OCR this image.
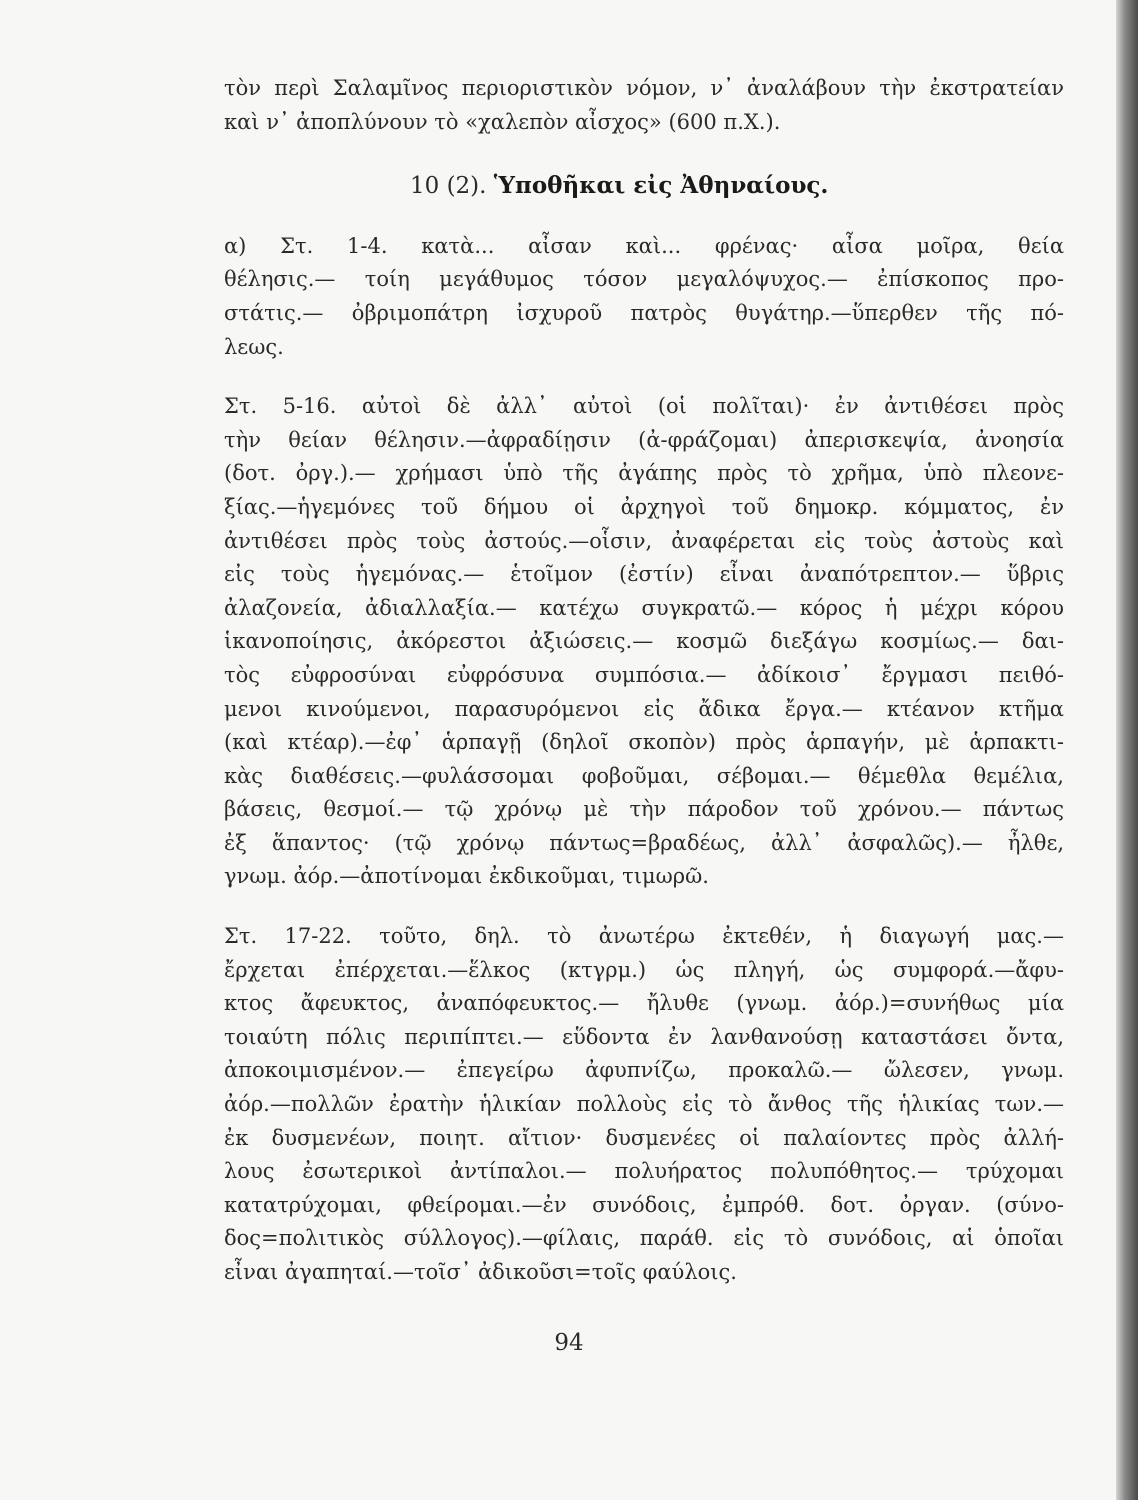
τὸν περὶ Σαλαμῖνος περιοριστικὸν νόμον, ν᾿ ἀναλάβουν τὴν ἐκστρατείαν
καὶ ν᾿ ἀποπλύνουν τὸ «χαλεπὸν αἶσχος» (600 π.Χ.).
10 (2). Ὑποθῆκαι εἰς Ἀθηναίους.
α) Στ. 1-4. κατὰ... αἶσαν καὶ... φρένας· αἶσα μοῖρα, θεία
θέλησις.— τοίη μεγάθυμος τόσον μεγαλόψυχος.— ἐπίσκοπος προ-
στάτις.— ὀβριμοπάτρη ἰσχυροῦ πατρὸς θυγάτηρ.—ὕπερθεν τῆς πό-
λεως.
Στ. 5-16. αὐτοὶ δὲ ἀλλ᾿ αὐτοὶ (οἱ πολῖται)· ἐν ἀντιθέσει πρὸς
τὴν θείαν θέλησιν.—ἀφραδίῃσιν (ἀ-φράζομαι) ἀπερισκεψία, ἀνοησία
(δοτ. ὀργ.).— χρήμασι ὑπὸ τῆς ἀγάπης πρὸς τὸ χρῆμα, ὑπὸ πλεονε-
ξίας.—ἡγεμόνες τοῦ δήμου οἱ ἀρχηγοὶ τοῦ δημοκρ. κόμματος, ἐν
ἀντιθέσει πρὸς τοὺς ἀστούς.—οἷσιν, ἀναφέρεται εἰς τοὺς ἀστοὺς καὶ
εἰς τοὺς ἡγεμόνας.— ἑτοῖμον (ἐστίν) εἶναι ἀναπότρεπτον.— ὕβρις
ἀλαζονεία, ἀδιαλλαξία.— κατέχω συγκρατῶ.— κόρος ἡ μέχρι κόρου
ἱκανοποίησις, ἀκόρεστοι ἀξιώσεις.— κοσμῶ διεξάγω κοσμίως.— δαι-
τὸς εὐφροσύναι εὐφρόσυνα συμπόσια.— ἀδίκοισ᾿ ἔργμασι πειθό-
μενοι κινούμενοι, παρασυρόμενοι εἰς ἄδικα ἔργα.— κτέανον κτῆμα
(καὶ κτέαρ).—ἐφ᾿ ἁρπαγῇ (δηλοῖ σκοπὸν) πρὸς ἁρπαγήν, μὲ ἁρπακτι-
κὰς διαθέσεις.—φυλάσσομαι φοβοῦμαι, σέβομαι.— θέμεθλα θεμέλια,
βάσεις, θεσμοί.— τῷ χρόνῳ μὲ τὴν πάροδον τοῦ χρόνου.— πάντως
ἐξ ἅπαντος· (τῷ χρόνῳ πάντως=βραδέως, ἀλλ᾿ ἀσφαλῶς).— ἦλθε,
γνωμ. ἀόρ.—ἀποτίνομαι ἐκδικοῦμαι, τιμωρῶ.
Στ. 17-22. τοῦτο, δηλ. τὸ ἀνωτέρω ἐκτεθέν, ἡ διαγωγή μας.—
ἔρχεται ἐπέρχεται.—ἕλκος (κτγρμ.) ὡς πληγή, ὡς συμφορά.—ἄφυ-
κτος ἄφευκτος, ἀναπόφευκτος.— ἤλυθε (γνωμ. ἀόρ.)=συνήθως μία
τοιαύτη πόλις περιπίπτει.— εὕδοντα ἐν λανθανούσῃ καταστάσει ὄντα,
ἀποκοιμισμένον.— ἐπεγείρω ἀφυπνίζω, προκαλῶ.— ὤλεσεν, γνωμ.
ἀόρ.—πολλῶν ἐρατὴν ἡλικίαν πολλοὺς εἰς τὸ ἄνθος τῆς ἡλικίας των.—
ἐκ δυσμενέων, ποιητ. αἴτιον· δυσμενέες οἱ παλαίοντες πρὸς ἀλλή-
λους ἐσωτερικοὶ ἀντίπαλοι.— πολυήρατος πολυπόθητος.— τρύχομαι
κατατρύχομαι, φθείρομαι.—ἐν συνόδοις, ἐμπρόθ. δοτ. ὀργαν. (σύνο-
δος=πολιτικὸς σύλλογος).—φίλαις, παράθ. εἰς τὸ συνόδοις, αἱ ὁποῖαι
εἶναι ἀγαπηταί.—τοῖσ᾿ ἀδικοῦσι=τοῖς φαύλοις.
94
